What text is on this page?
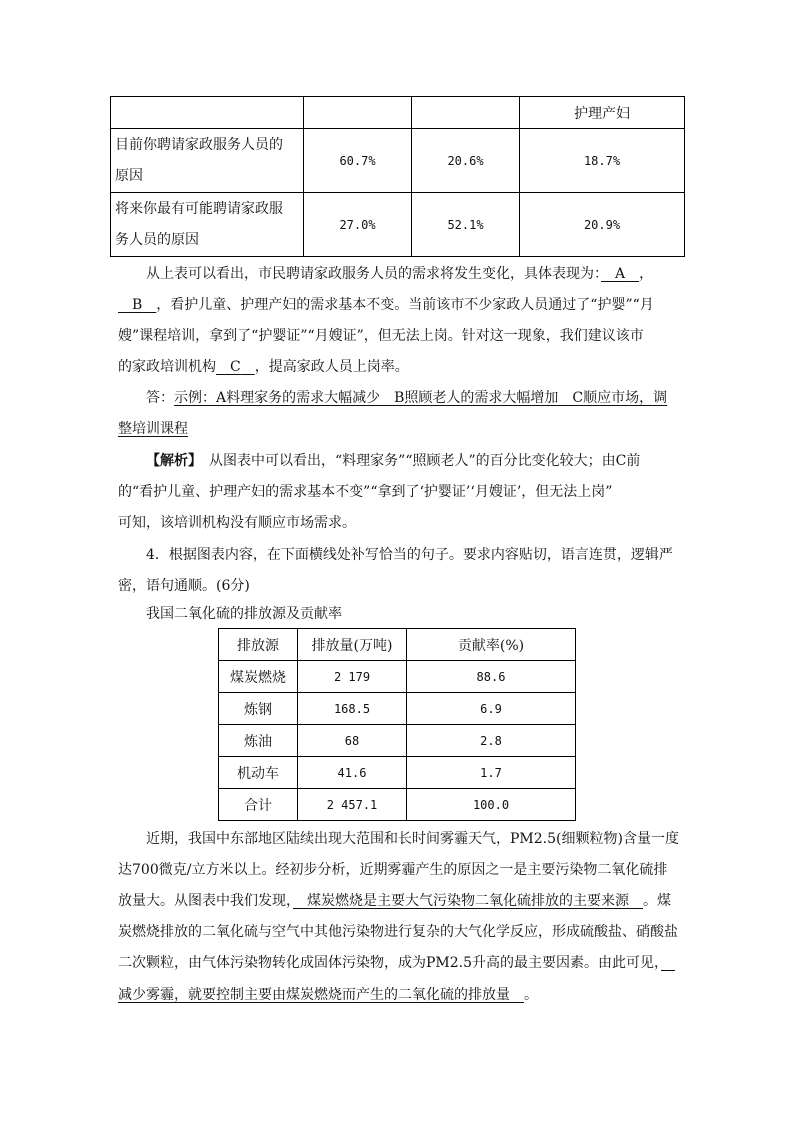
			护理产妇

目前你聘请家政服务人员的
原因	60.7%	20.6%	18.7%

将来你最有可能聘请家政服
务人员的原因	27.0%	52.1%	20.9%
从上表可以看出，市民聘请家政服务人员的需求将发生变化，具体表现为：　 A　 ，
　B　 ，看护儿童、护理产妇的需求基本不变。当前该市不少家政人员通过了“护婴”“月
嫂”课程培训，拿到了“护婴证”“月嫂证”，但无法上岗。针对这一现象，我们建议该市
的家政培训机构　 C　 ，提高家政人员上岗率。
答：示例：A料理家务的需求大幅减少　B照顾老人的需求大幅增加　C顺应市场，调
整培训课程
【解析】　从图表中可以看出，“料理家务”“照顾老人”的百分比变化较大；由C前
的“看护儿童、护理产妇的需求基本不变”“拿到了‘护婴证’‘月嫂证’，但无法上岗”
可知，该培训机构没有顺应市场需求。
4．根据图表内容，在下面横线处补写恰当的句子。要求内容贴切，语言连贯，逻辑严
密，语句通顺。(6分)
我国二氧化硫的排放源及贡献率
排放源	排放量(万吨)	贡献率(%)
煤炭燃烧	2 179	88.6
炼钢	168.5	6.9
炼油	68	2.8
机动车	41.6	1.7
合计	2 457.1	100.0
近期，我国中东部地区陆续出现大范围和长时间雾霾天气，PM2.5(细颗粒物)含量一度
达700微克/立方米以上。经初步分析，近期雾霾产生的原因之一是主要污染物二氧化硫排
放量大。从图表中我们发现，　煤炭燃烧是主要大气污染物二氧化硫排放的主要来源　。煤
炭燃烧排放的二氧化硫与空气中其他污染物进行复杂的大气化学反应，形成硫酸盐、硝酸盐
二次颗粒，由气体污染物转化成固体污染物，成为PM2.5升高的最主要因素。由此可见，　
减少雾霾，就要控制主要由煤炭燃烧而产生的二氧化硫的排放量　。
